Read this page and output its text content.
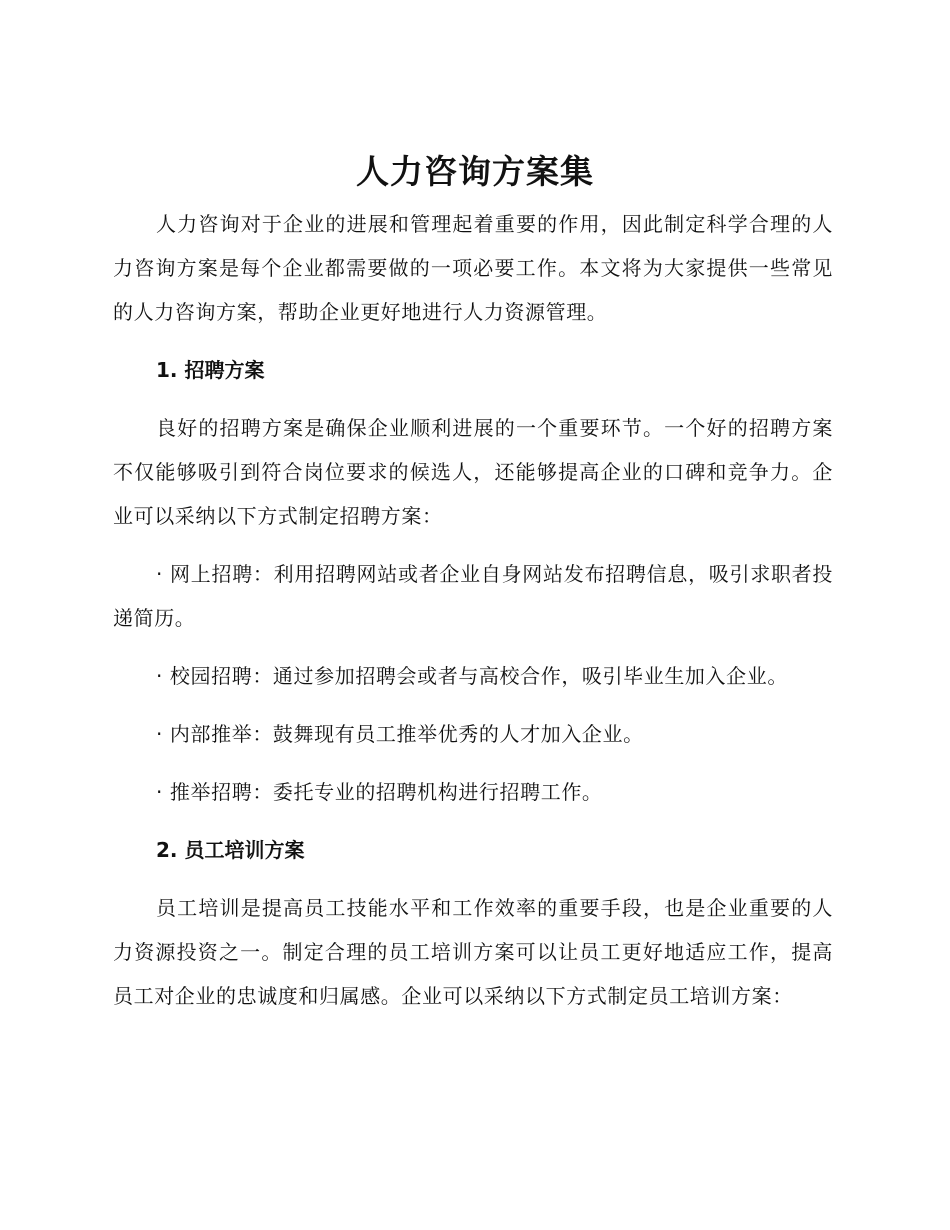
人力咨询方案集

人力咨询对于企业的进展和管理起着重要的作用，因此制定科学合理的人力咨询方案是每个企业都需要做的一项必要工作。本文将为大家提供一些常见的人力咨询方案，帮助企业更好地进行人力资源管理。

1. 招聘方案

良好的招聘方案是确保企业顺利进展的一个重要环节。一个好的招聘方案不仅能够吸引到符合岗位要求的候选人，还能够提高企业的口碑和竞争力。企业可以采纳以下方式制定招聘方案：

· 网上招聘：利用招聘网站或者企业自身网站发布招聘信息，吸引求职者投递简历。

· 校园招聘：通过参加招聘会或者与高校合作，吸引毕业生加入企业。

· 内部推举：鼓舞现有员工推举优秀的人才加入企业。

· 推举招聘：委托专业的招聘机构进行招聘工作。

2. 员工培训方案

员工培训是提高员工技能水平和工作效率的重要手段，也是企业重要的人力资源投资之一。制定合理的员工培训方案可以让员工更好地适应工作，提高员工对企业的忠诚度和归属感。企业可以采纳以下方式制定员工培训方案：
